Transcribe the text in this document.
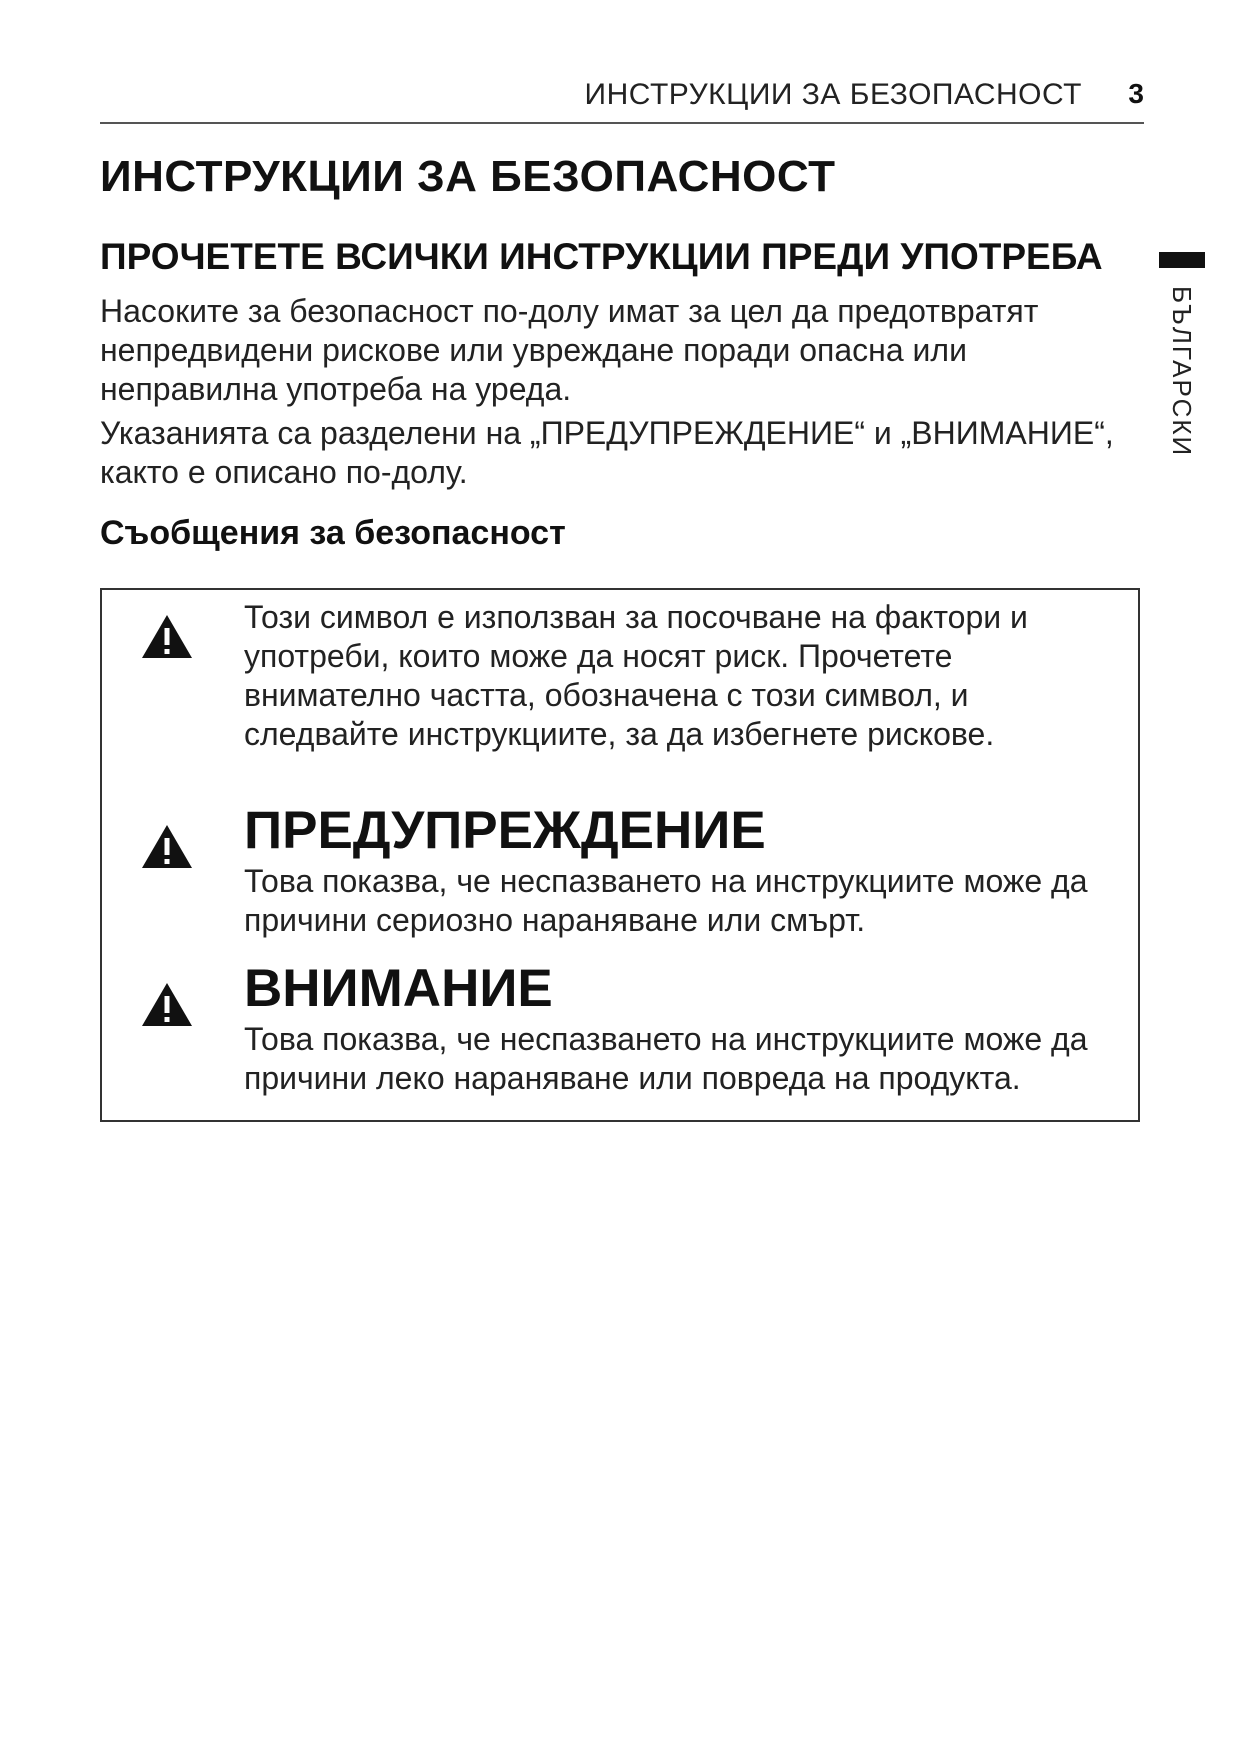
ИНСТРУКЦИИ ЗА БЕЗОПАСНОСТ 3
БЪЛГАРСКИ
ИНСТРУКЦИИ ЗА БЕЗОПАСНОСТ
ПРОЧЕТЕТЕ ВСИЧКИ ИНСТРУКЦИИ ПРЕДИ УПОТРЕБА

Насоките за безопасност по-долу имат за цел да предотвратят непредвидени рискове или увреждане поради опасна или неправилна употреба на уреда.

Указанията са разделени на „ПРЕДУПРЕЖДЕНИЕ“ и „ВНИМАНИЕ“, както е описано по-долу.

Съобщения за безопасност
Този символ е използван за посочване на фактори и употреби, които може да носят риск. Прочетете внимателно частта, обозначена с този символ, и следвайте инструкциите, за да избегнете рискове.
ПРЕДУПРЕЖДЕНИЕ
Това показва, че неспазването на инструкциите може да причини сериозно нараняване или смърт.
ВНИМАНИЕ
Това показва, че неспазването на инструкциите може да причини леко нараняване или повреда на продукта.
